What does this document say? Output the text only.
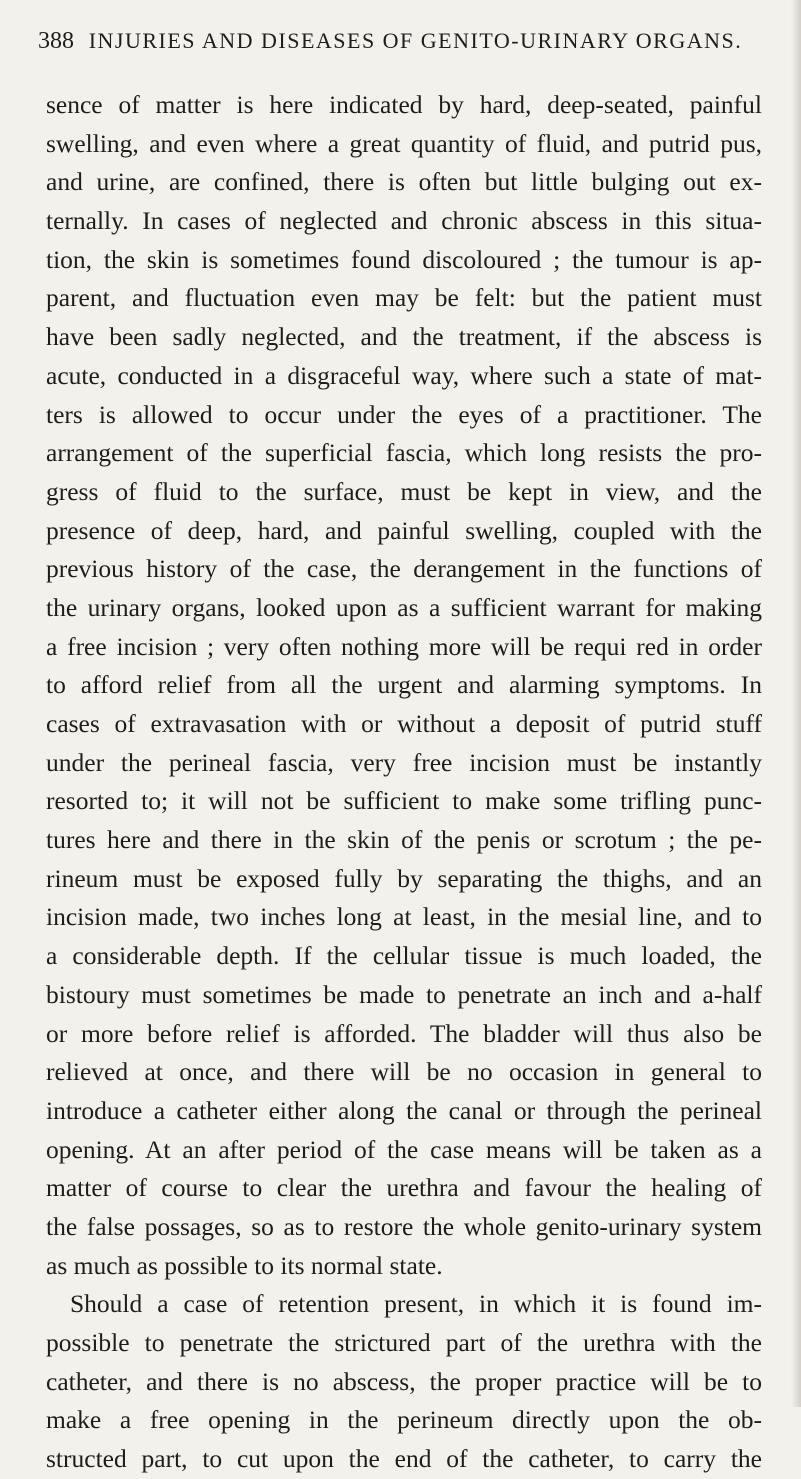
388 INJURIES AND DISEASES OF GENITO-URINARY ORGANS.
sence of matter is here indicated by hard, deep-seated, painful
swelling, and even where a great quantity of fluid, and putrid pus,
and urine, are confined, there is often but little bulging out ex-
ternally. In cases of neglected and chronic abscess in this situa-
tion, the skin is sometimes found discoloured ; the tumour is ap-
parent, and fluctuation even may be felt: but the patient must
have been sadly neglected, and the treatment, if the abscess is
acute, conducted in a disgraceful way, where such a state of mat-
ters is allowed to occur under the eyes of a practitioner. The
arrangement of the superficial fascia, which long resists the pro-
gress of fluid to the surface, must be kept in view, and the
presence of deep, hard, and painful swelling, coupled with the
previous history of the case, the derangement in the functions of
the urinary organs, looked upon as a sufficient warrant for making
a free incision ; very often nothing more will be requi red in order
to afford relief from all the urgent and alarming symptoms. In
cases of extravasation with or without a deposit of putrid stuff
under the perineal fascia, very free incision must be instantly
resorted to; it will not be sufficient to make some trifling punc-
tures here and there in the skin of the penis or scrotum ; the pe-
rineum must be exposed fully by separating the thighs, and an
incision made, two inches long at least, in the mesial line, and to
a considerable depth. If the cellular tissue is much loaded, the
bistoury must sometimes be made to penetrate an inch and a-half
or more before relief is afforded. The bladder will thus also be
relieved at once, and there will be no occasion in general to
introduce a catheter either along the canal or through the perineal
opening. At an after period of the case means will be taken as a
matter of course to clear the urethra and favour the healing of
the false possages, so as to restore the whole genito-urinary system
as much as possible to its normal state.
Should a case of retention present, in which it is found im-
possible to penetrate the strictured part of the urethra with the
catheter, and there is no abscess, the proper practice will be to
make a free opening in the perineum directly upon the ob-
structed part, to cut upon the end of the catheter, to carry the
